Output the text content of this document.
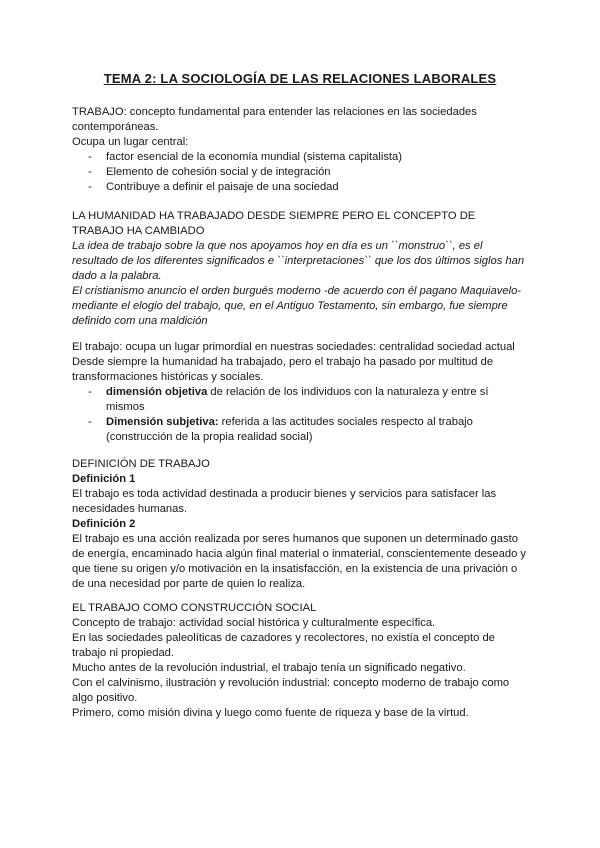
TEMA 2: LA SOCIOLOGÍA DE LAS RELACIONES LABORALES

TRABAJO: concepto fundamental para entender las relaciones en las sociedades contemporáneas.

Ocupa un lugar central:

- factor esencial de la economía mundial (sistema capitalista)
- Elemento de cohesión social y de integración
- Contribuye a definir el paisaje de una sociedad

LA HUMANIDAD HA TRABAJADO DESDE SIEMPRE PERO EL CONCEPTO DE TRABAJO HA CAMBIADO

La idea de trabajo sobre la que nos apoyamos hoy en día es un ``monstruo``, es el resultado de los diferentes significados e ``interpretaciones`` que los dos últimos siglos han dado a la palabra.

El cristianismo anuncio el orden burgués moderno -de acuerdo con él pagano Maquiavelo- mediante el elogio del trabajo, que, en el Antiguo Testamento, sin embargo, fue siempre definido com una maldición

El trabajo: ocupa un lugar primordial en nuestras sociedades: centralidad sociedad actual

Desde siempre la humanidad ha trabajado, pero el trabajo ha pasado por multitud de transformaciones históricas y sociales.

- dimensión objetiva de relación de los individuos con la naturaleza y entre sí mismos
- Dimensión subjetiva: referida a las actitudes sociales respecto al trabajo (construcción de la propia realidad social)

DEFINICIÓN DE TRABAJO

Definición 1

El trabajo es toda actividad destinada a producir bienes y servicios para satisfacer las necesidades humanas.

Definición 2

El trabajo es una acción realizada por seres humanos que suponen un determinado gasto de energía, encaminado hacia algún final material o inmaterial, conscientemente deseado y que tiene su origen y/o motivación en la insatisfacción, en la existencia de una privación o de una necesidad por parte de quien lo realiza.

EL TRABAJO COMO CONSTRUCCIÓN SOCIAL

Concepto de trabajo: actividad social histórica y culturalmente específica.

En las sociedades paleolíticas de cazadores y recolectores, no existía el concepto de trabajo ni propiedad.

Mucho antes de la revolución industrial, el trabajo tenía un significado negativo.

Con el calvinismo, ilustración y revolución industrial: concepto moderno de trabajo como algo positivo.

Primero, como misión divina y luego como fuente de riqueza y base de la virtud.
